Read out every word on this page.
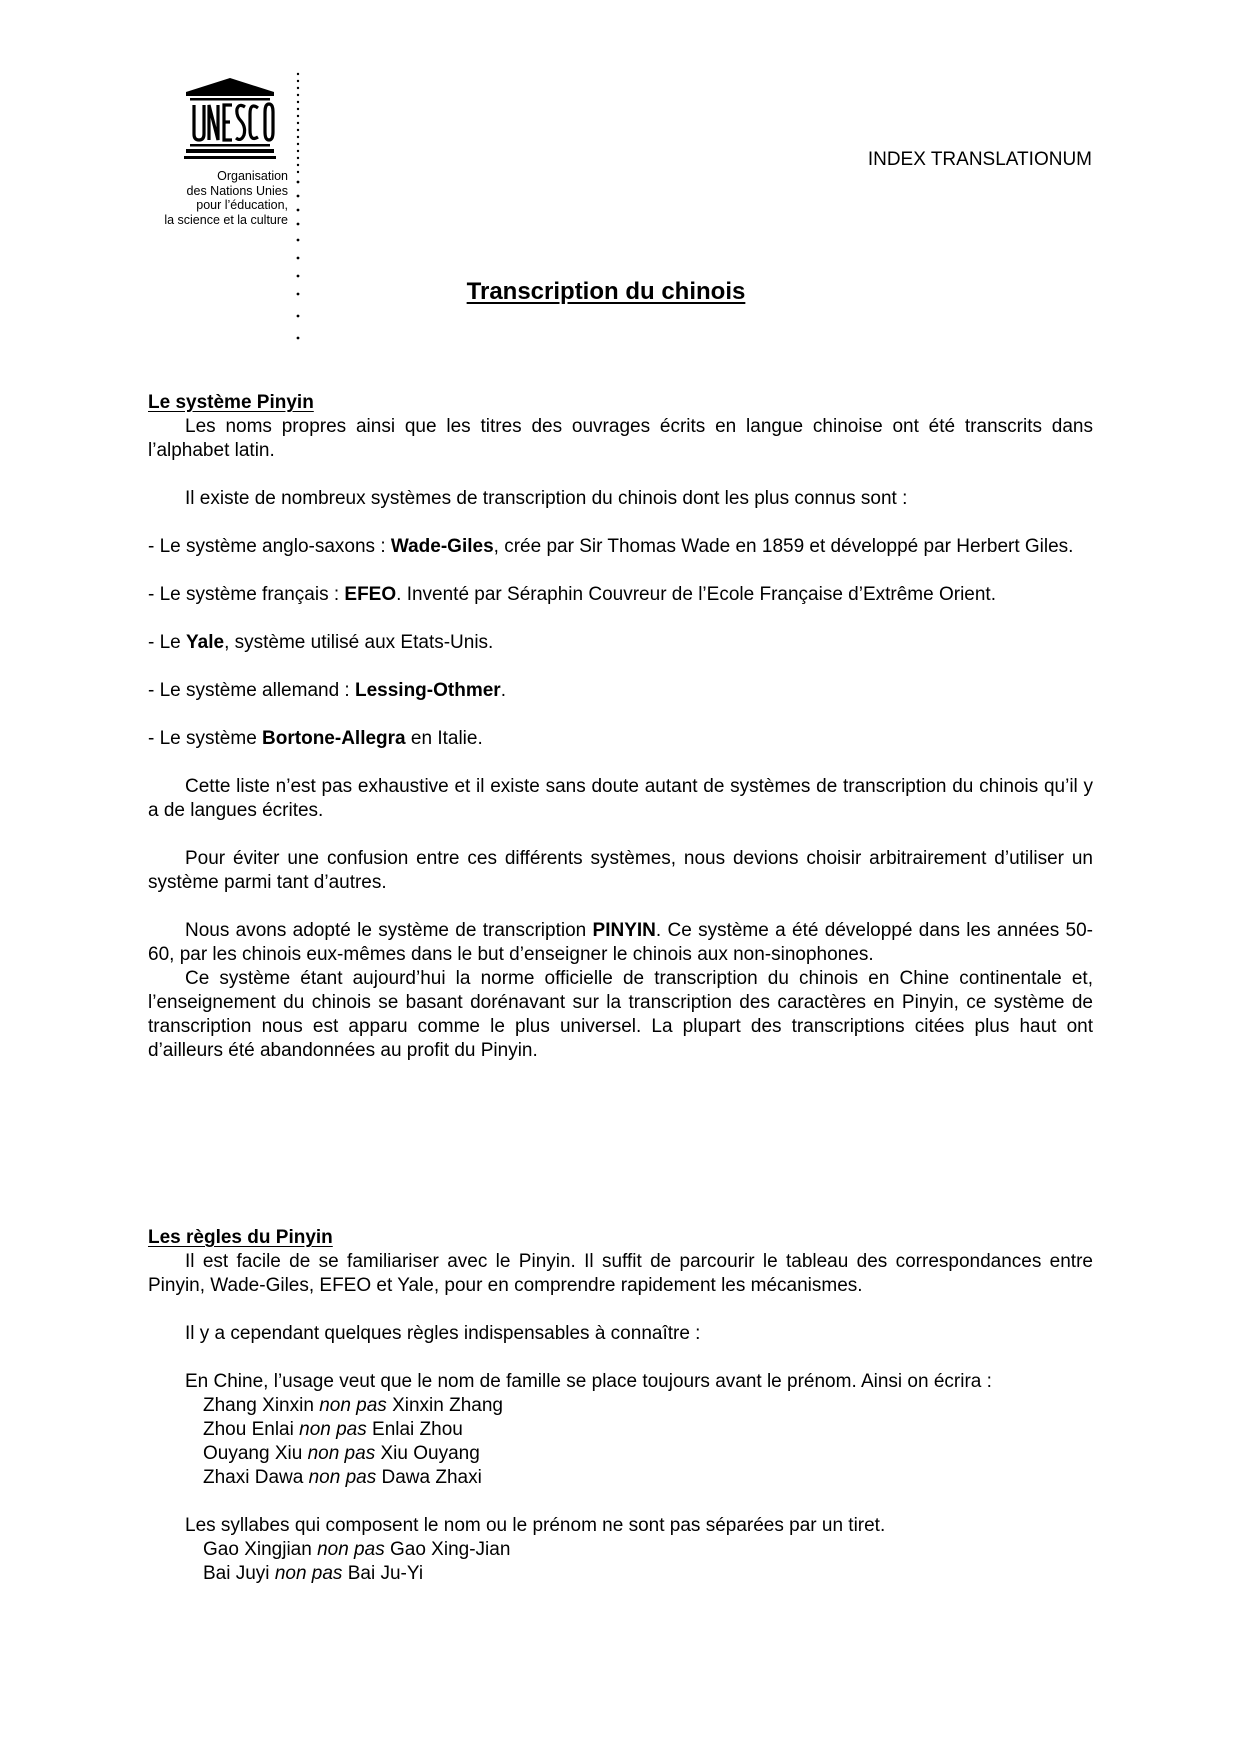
Organisation
des Nations Unies
pour l’éducation,
la science et la culture
INDEX TRANSLATIONUM
Transcription du chinois

Le système Pinyin

Les noms propres ainsi que les titres des ouvrages écrits en langue chinoise ont été transcrits dans l’alphabet latin.

Il existe de nombreux systèmes de transcription du chinois dont les plus connus sont :

- Le système anglo-saxons : Wade-Giles, crée par Sir Thomas Wade en 1859 et développé par Herbert Giles.

- Le système français : EFEO. Inventé par Séraphin Couvreur de l’Ecole Française d’Extrême Orient.

- Le Yale, système utilisé aux Etats-Unis.

- Le système allemand : Lessing-Othmer.

- Le système Bortone-Allegra en Italie.

Cette liste n’est pas exhaustive et il existe sans doute autant de systèmes de transcription du chinois qu’il y a de langues écrites.

Pour éviter une confusion entre ces différents systèmes, nous devions choisir arbitrairement d’utiliser un système parmi tant d’autres.

Nous avons adopté le système de transcription PINYIN. Ce système a été développé dans les années 50-60, par les chinois eux-mêmes dans le but d’enseigner le chinois aux non-sinophones.

Ce système étant aujourd’hui la norme officielle de transcription du chinois en Chine continentale et, l’enseignement du chinois se basant dorénavant sur la transcription des caractères en Pinyin, ce système de transcription nous est apparu comme le plus universel. La plupart des transcriptions citées plus haut ont d’ailleurs été abandonnées au profit du Pinyin.

Les règles du Pinyin

Il est facile de se familiariser avec le Pinyin. Il suffit de parcourir le tableau des correspondances entre Pinyin, Wade-Giles, EFEO et Yale, pour en comprendre rapidement les mécanismes.

Il y a cependant quelques règles indispensables à connaître :

En Chine, l’usage veut que le nom de famille se place toujours avant le prénom. Ainsi on écrira :
Zhang Xinxin non pas Xinxin Zhang
Zhou Enlai non pas Enlai Zhou
Ouyang Xiu non pas Xiu Ouyang
Zhaxi Dawa non pas Dawa Zhaxi
Les syllabes qui composent le nom ou le prénom ne sont pas séparées par un tiret.
Gao Xingjian non pas Gao Xing-Jian
Bai Juyi non pas Bai Ju-Yi
